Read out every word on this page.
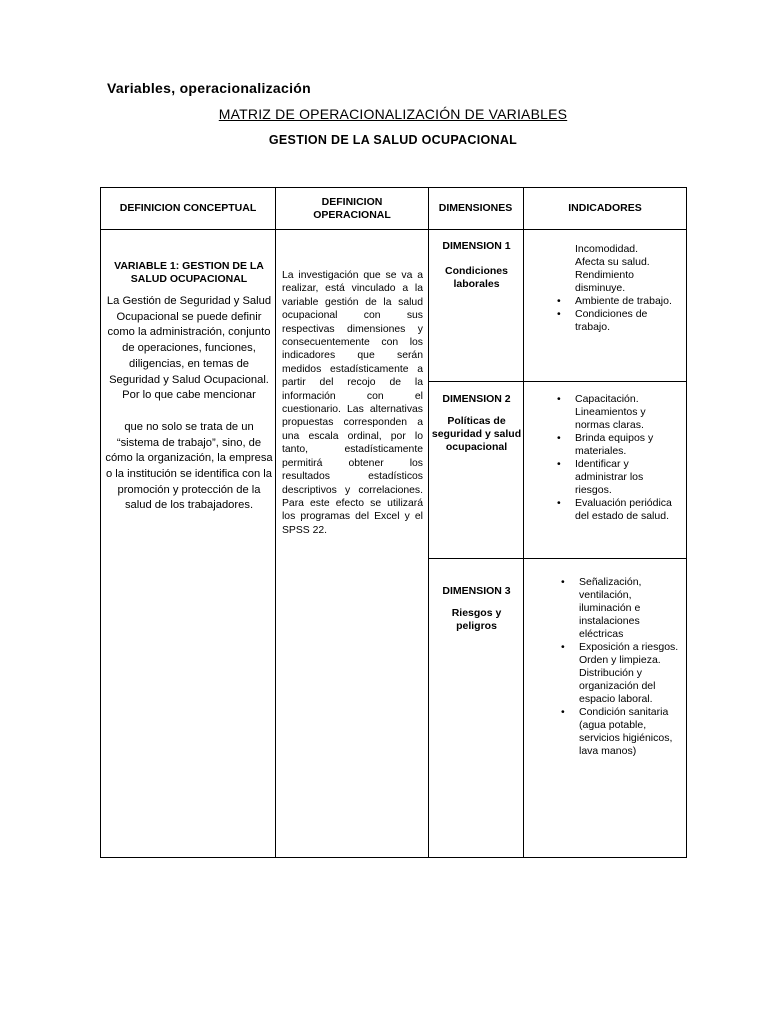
Variables, operacionalización
MATRIZ DE OPERACIONALIZACIÓN DE VARIABLES
GESTION DE LA SALUD OCUPACIONAL
DEFINICION CONCEPTUAL
DEFINICION OPERACIONAL
DIMENSIONES	INDICADORES
VARIABLE 1: GESTION DE LA SALUD OCUPACIONAL
La Gestión de Seguridad y Salud Ocupacional se puede definir como la administración, conjunto de operaciones, funciones, diligencias, en temas de Seguridad y Salud Ocupacional. Por lo que cabe mencionar
que no solo se trata de un “sistema de trabajo”, sino, de cómo la organización, la empresa o la institución se identifica con la promoción y protección de la salud de los trabajadores.
La investigación que se va a realizar, está vinculado a la variable gestión de la salud ocupacional con sus respectivas dimensiones y consecuentemente con los indicadores que serán medidos estadísticamente a partir del recojo de la información con el cuestionario. Las alternativas propuestas corresponden a una escala ordinal, por lo tanto, estadísticamente permitirá obtener los resultados estadísticos descriptivos y correlaciones. Para este efecto se utilizará los programas del Excel y el SPSS 22.
DIMENSION 1
Condiciones laborales
DIMENSION 2
Políticas de seguridad y salud ocupacional
DIMENSION 3
Riesgos y peligros
Incomodidad.
Afecta su salud.
Rendimiento disminuye.
• Ambiente de trabajo.
• Condiciones de trabajo.
• Capacitación.
Lineamientos y normas claras.
• Brinda equipos y materiales.
• Identificar y administrar los riesgos.
• Evaluación periódica del estado de salud.
• Señalización, ventilación, iluminación e instalaciones eléctricas
• Exposición a riesgos.
Orden y limpieza.
Distribución y organización del espacio laboral.
• Condición sanitaria (agua potable, servicios higiénicos, lava manos)
